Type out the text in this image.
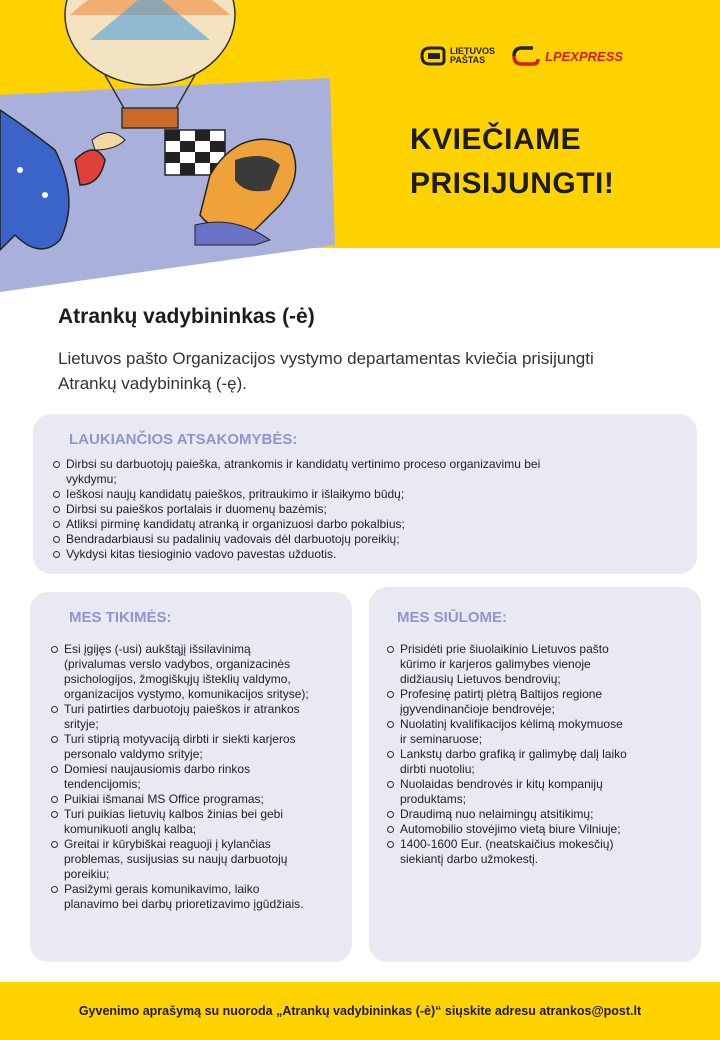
LIETUVOS
PAŠTAS	LPEXPRESS
KVIEČIAME
PRISIJUNGTI!
Atrankų vadybininkas (-ė)
Lietuvos pašto Organizacijos vystymo departamentas kviečia prisijungti Atrankų vadybininką (-ę).
LAUKIANČIOS ATSAKOMYBĖS:
Dirbsi su darbuotojų paieška, atrankomis ir kandidatų vertinimo proceso organizavimu bei vykdymu;
Ieškosi naujų kandidatų paieškos, pritraukimo ir išlaikymo būdų;
Dirbsi su paieškos portalais ir duomenų bazėmis;
Atliksi pirminę kandidatų atranką ir organizuosi darbo pokalbius;
Bendradarbiausi su padalinių vadovais dėl darbuotojų poreikių;
Vykdysi kitas tiesioginio vadovo pavestas užduotis.
MES TIKIMĖS:
Esi įgijęs (-usi) aukštąjį išsilavinimą (privalumas verslo vadybos, organizacinės psichologijos, žmogiškųjų išteklių valdymo, organizacijos vystymo, komunikacijos srityse);
Turi patirties darbuotojų paieškos ir atrankos srityje;
Turi stiprią motyvaciją dirbti ir siekti karjeros personalo valdymo srityje;
Domiesi naujausiomis darbo rinkos tendencijomis;
Puikiai išmanai MS Office programas;
Turi puikias lietuvių kalbos žinias bei gebi komunikuoti anglų kalba;
Greitai ir kūrybiškai reaguoji į kylančias problemas, susijusias su naujų darbuotojų poreikiu;
Pasižymi gerais komunikavimo, laiko planavimo bei darbų prioretizavimo įgūdžiais.
MES SIŪLOME:
Prisidėti prie šiuolaikinio Lietuvos pašto kūrimo ir karjeros galimybes vienoje didžiausių Lietuvos bendrovių;
Profesinę patirtį plėtrą Baltijos regione įgyvendinančioje bendrovėje;
Nuolatinį kvalifikacijos kėlimą mokymuose ir seminaruose;
Lankstų darbo grafiką ir galimybę dalį laiko dirbti nuotoliu;
Nuolaidas bendrovės ir kitų kompanijų produktams;
Draudimą nuo nelaimingų atsitikimų;
Automobilio stovėjimo vietą biure Vilniuje;
1400-1600 Eur. (neatskaičius mokesčių) siekiantį darbo užmokestį.
Gyvenimo aprašymą su nuoroda „Atrankų vadybininkas (-ė)“ siųskite adresu atrankos@post.lt
